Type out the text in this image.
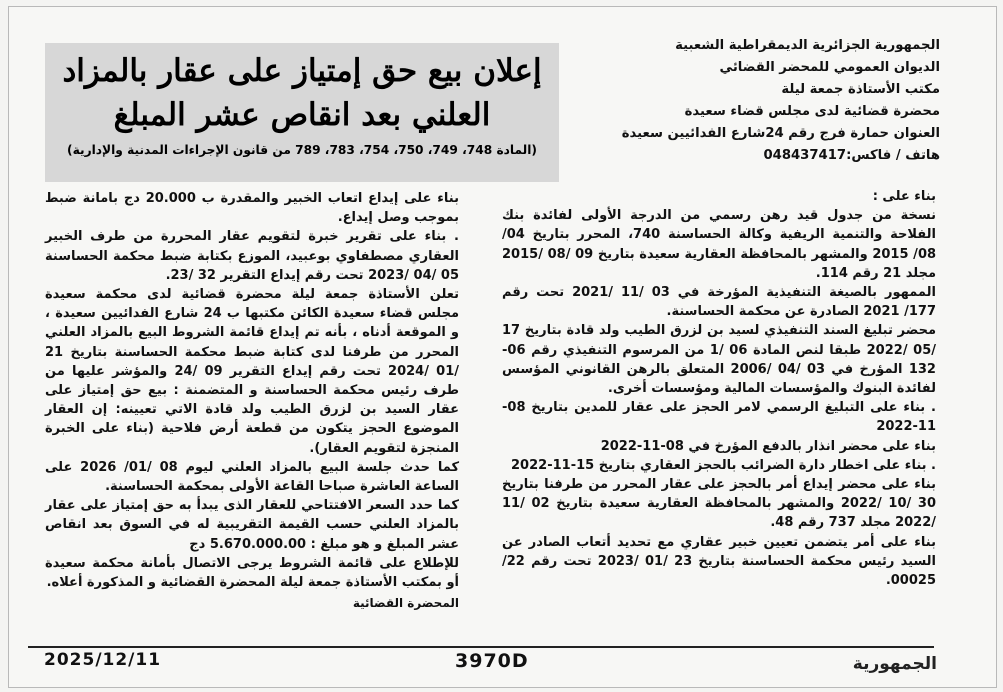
الجمهورية الجزائرية الديمقراطية الشعبية
الديوان العمومي للمحضر القضائي
مكتب الأستاذة جمعة ليلة
محضرة قضائية لدى مجلس قضاء سعيدة
العنوان حمارة فرج رقم 24شارع الفدائيين سعيدة
هاتف / فاكس:048437417
إعلان بيع حق إمتياز على عقار بالمزاد
العلني بعد انقاص عشر المبلغ
(المادة 748، 749، 750، 754، 783، 789 من قانون الإجراءات المدنية والإدارية)

بناء على :

نسخة من جدول قيد رهن رسمي من الدرجة الأولى لفائدة بنك الفلاحة والتنمية الريفية وكالة الحساسنة 740، المحرر بتاريخ 04/ 08/ 2015 والمشهر بالمحافظة العقارية سعيدة بتاريخ 09 /08 /2015 مجلد 21 رقم 114.

الممهور بالصيغة التنفيذية المؤرخة في 03 /11 /2021 تحت رقم 177/ 2021 الصادرة عن محكمة الحساسنة.

محضر تبليغ السند التنفيذي لسيد بن لزرق الطيب ولد قادة بتاريخ 17 /05 /2022 طبقا لنص المادة 06 /1 من المرسوم التنفيذي رقم 06-132 المؤرخ في 03 /04 /2006 المتعلق بالرهن القانوني المؤسس لفائدة البنوك والمؤسسات المالية ومؤسسات أخرى.

. بناء على التبليغ الرسمي لامر الحجز على عقار للمدين بتاريخ 08-11-2022

بناء على محضر انذار بالدفع المؤرخ في 08-11-2022

. بناء على اخطار دارة الضرائب بالحجز العقاري بتاريخ 15-11-2022

بناء على محضر إيداع أمر بالحجز على عقار المحرر من طرفنا بتاريخ 30 /10 /2022 والمشهر بالمحافظة العقارية سعيدة بتاريخ 02 /11 /2022 مجلد 737 رقم 48.

بناء على أمر يتضمن تعيين خبير عقاري مع تحديد أتعاب الصادر عن السيد رئيس محكمة الحساسنة بتاريخ 23 /01 /2023 تحت رقم 22/ 00025.

بناء على إيداع اتعاب الخبير والمقدرة ب 20.000 دج بامانة ضبط بموجب وصل إيداع.

. بناء على تقرير خبرة لتقويم عقار المحررة من طرف الخبير العقاري مصطفاوي بوعبيد، الموزع بكتابة ضبط محكمة الحساسنة 05 /04 /2023 تحت رقم إيداع التقرير 32 /23.

تعلن الأستاذة جمعة ليلة محضرة قضائية لدى محكمة سعيدة مجلس قضاء سعيدة الكائن مكتبها ب 24 شارع الفدائيين سعيدة ، و الموقعة أدناه ، بأنه تم إيداع قائمة الشروط البيع بالمزاد العلني المحرر من طرفنا لدى كتابة ضبط محكمة الحساسنة بتاريخ 21 /01 /2024 تحت رقم إيداع التقرير 09 /24 والمؤشر عليها من طرف رئيس محكمة الحساسنة و المتضمنة : بيع حق إمتياز على عقار السيد بن لزرق الطيب ولد قادة الاتي تعيينه: إن العقار الموضوع الحجز يتكون من قطعة أرض فلاحية (بناء على الخبرة المنجزة لتقويم العقار).

كما حدث جلسة البيع بالمزاد العلني ليوم 08 /01/ 2026 على الساعة العاشرة صباحا القاعة الأولى بمحكمة الحساسنة.

كما حدد السعر الافتتاحي للعقار الذى يبدأ به حق إمتياز على عقار بالمزاد العلني حسب القيمة التقريبية له في السوق بعد انقاص عشر المبلغ و هو مبلغ : 5.670.000.00 دج

للإطلاع على قائمة الشروط يرجى الاتصال بأمانة محكمة سعيدة أو بمكتب الأستاذة جمعة ليلة المحضرة القضائية و المذكورة أعلاه.

المحضرة القضائية

2025/12/11	3970D	الجمهورية
